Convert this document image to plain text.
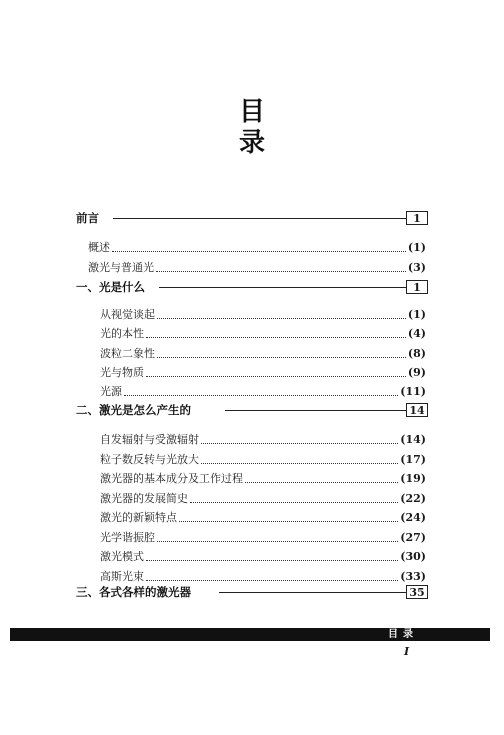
目
录
前言	1
概述	(1)
激光与普通光	(3)
一、光是什么	1
从视觉谈起	(1)
光的本性	(4)
波粒二象性	(8)
光与物质	(9)
光源	(11)
二、激光是怎么产生的	14
自发辐射与受激辐射	(14)
粒子数反转与光放大	(17)
激光器的基本成分及工作过程	(19)
激光器的发展简史	(22)
激光的新颖特点	(24)
光学谐振腔	(27)
激光模式	(30)
高斯光束	(33)
三、各式各样的激光器	35
目录
I
